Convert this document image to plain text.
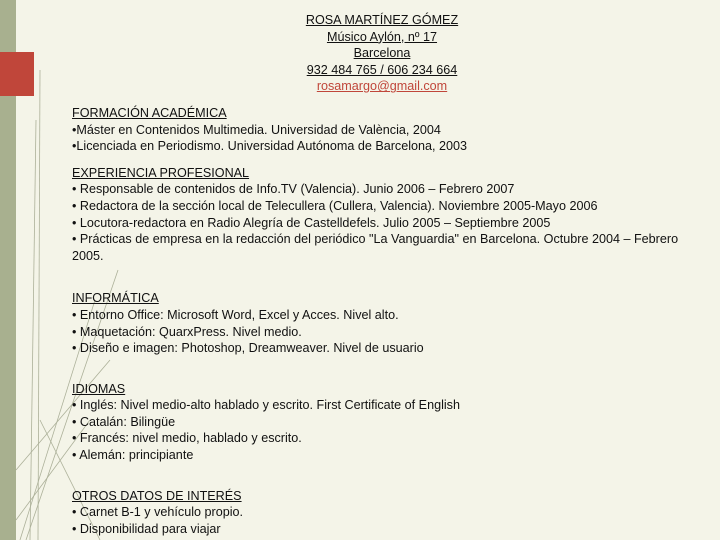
ROSA MARTÍNEZ GÓMEZ
Músico Aylón, nº 17
Barcelona
932 484 765 / 606 234 664
rosamargo@gmail.com
FORMACIÓN ACADÉMICA
•Máster en Contenidos Multimedia. Universidad de València, 2004
•Licenciada en Periodismo. Universidad Autónoma de Barcelona, 2003
EXPERIENCIA PROFESIONAL
• Responsable de contenidos de Info.TV (Valencia). Junio 2006 – Febrero 2007
• Redactora de la sección local de Telecullera (Cullera, Valencia). Noviembre 2005-Mayo 2006
• Locutora-redactora en Radio Alegría de Castelldefels. Julio 2005 – Septiembre 2005
• Prácticas de empresa en la redacción del periódico "La Vanguardia" en Barcelona. Octubre 2004 – Febrero 2005.
INFORMÁTICA
• Entorno Office: Microsoft Word, Excel y Acces. Nivel alto.
• Maquetación: QuarxPress. Nivel medio.
• Diseño e imagen: Photoshop, Dreamweaver. Nivel de usuario
IDIOMAS
• Inglés: Nivel medio-alto hablado y escrito. First Certificate of English
• Catalán: Bilingüe
• Francés: nivel medio, hablado y escrito.
• Alemán: principiante
OTROS DATOS DE INTERÉS
• Carnet B-1 y vehículo propio.
• Disponibilidad para viajar
